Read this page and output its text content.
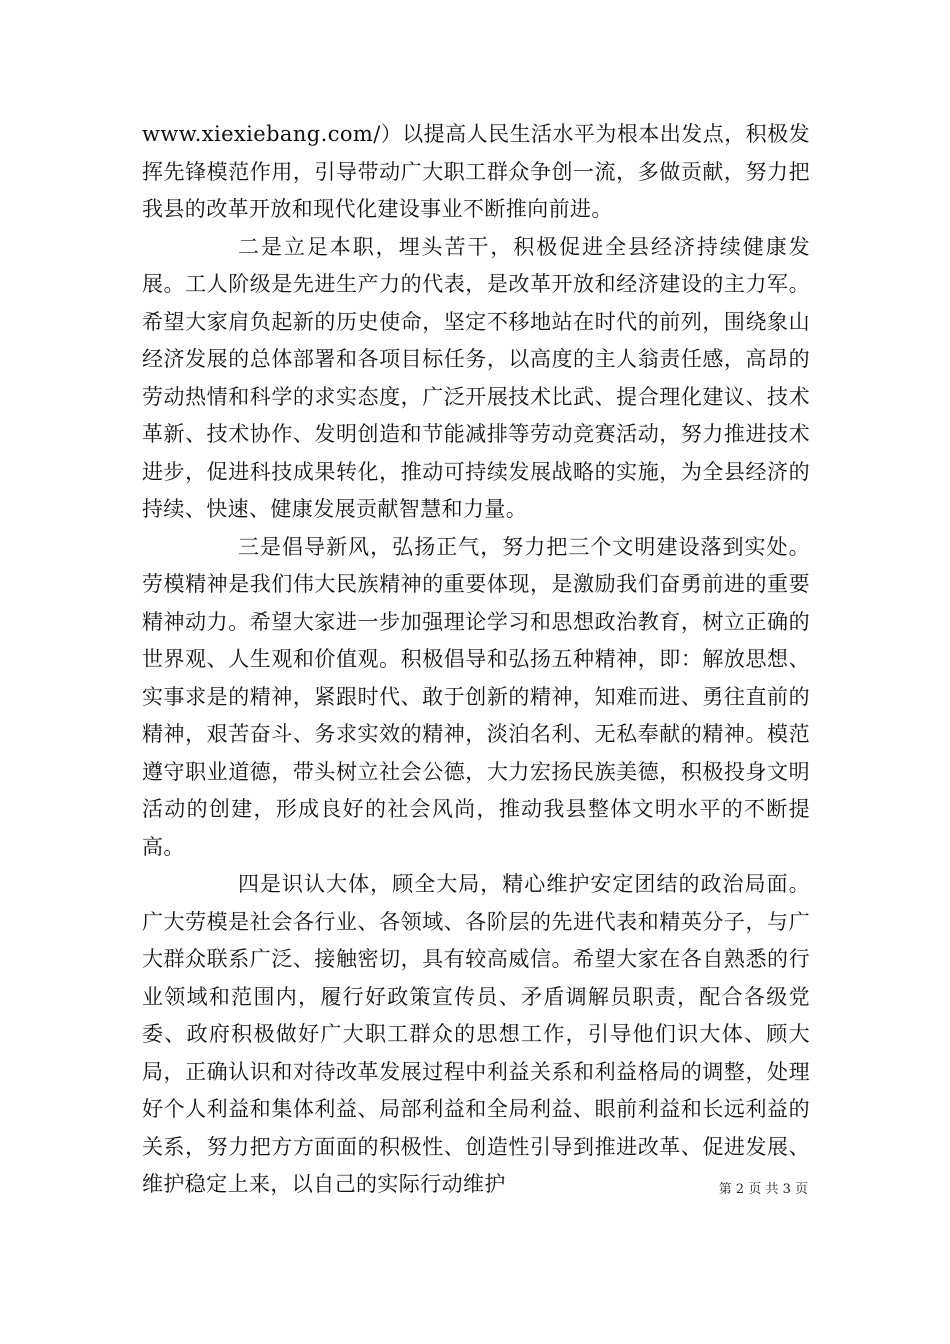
www.xiexiebang.com/）以提高人民生活水平为根本出发点，积极发挥先锋模范作用，引导带动广大职工群众争创一流，多做贡献，努力把我县的改革开放和现代化建设事业不断推向前进。

二是立足本职，埋头苦干，积极促进全县经济持续健康发展。工人阶级是先进生产力的代表，是改革开放和经济建设的主力军。希望大家肩负起新的历史使命，坚定不移地站在时代的前列，围绕象山经济发展的总体部署和各项目标任务，以高度的主人翁责任感，高昂的劳动热情和科学的求实态度，广泛开展技术比武、提合理化建议、技术革新、技术协作、发明创造和节能减排等劳动竞赛活动，努力推进技术进步，促进科技成果转化，推动可持续发展战略的实施，为全县经济的持续、快速、健康发展贡献智慧和力量。

三是倡导新风，弘扬正气，努力把三个文明建设落到实处。劳模精神是我们伟大民族精神的重要体现，是激励我们奋勇前进的重要精神动力。希望大家进一步加强理论学习和思想政治教育，树立正确的世界观、人生观和价值观。积极倡导和弘扬五种精神，即：解放思想、实事求是的精神，紧跟时代、敢于创新的精神，知难而进、勇往直前的精神，艰苦奋斗、务求实效的精神，淡泊名利、无私奉献的精神。模范遵守职业道德，带头树立社会公德，大力宏扬民族美德，积极投身文明活动的创建，形成良好的社会风尚，推动我县整体文明水平的不断提高。

四是识认大体，顾全大局，精心维护安定团结的政治局面。广大劳模是社会各行业、各领域、各阶层的先进代表和精英分子，与广大群众联系广泛、接触密切，具有较高威信。希望大家在各自熟悉的行业领域和范围内，履行好政策宣传员、矛盾调解员职责，配合各级党委、政府积极做好广大职工群众的思想工作，引导他们识大体、顾大局，正确认识和对待改革发展过程中利益关系和利益格局的调整，处理好个人利益和集体利益、局部利益和全局利益、眼前利益和长远利益的关系，努力把方方面面的积极性、创造性引导到推进改革、促进发展、维护稳定上来，以自己的实际行动维护	第 2 页 共 3 页
